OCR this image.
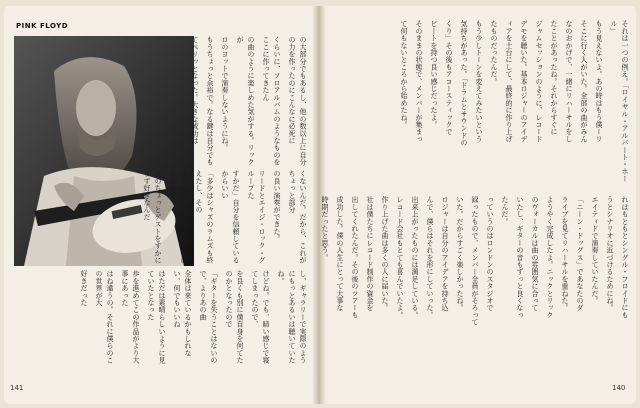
PINK FLOYD
の大部分でもあるし、他の数以上に自分の力を作ったのにこんなに必死に
くらいに、ソロアルバムのようなものをここに作ってきたん
の曲のように楽しめた気がする。リックが
ロのヨットで演奏しないようにね。
もうちょっと余裕で。なる鍵は自分でも
てペリッとなった。大きな成功は
くないんだ。だから、これがちょっと部分
の良い演奏ができた。
リードとエイジ・ロック・グループた
すかだ」自分を信頼しているからいい
「多少はシャズのラムズも終えたし、その
ように僕らにとって何時もはなりに、
ズのちょっとゲストをすかにまず好きなんだ
し、ギャラリーで実際のようにもっとあるいは聴いていたね。
けどね。でも、暗い感じで寝てしまったので、
を良くも別に僕自身を何てたのかとなったので
「ギターを失うことはないので、よりあの曲
全体は来ているかもしれない、何でもいいね
はただは素晴らしいように見ていたとなった
歩を進めてこの作品がより大事にあった
はね違うの。それに僕らのこの世界が大
好きだった
それは一つの例え。「ロイヤル・アルバート・ホール」
もう見えないよ。あの時はもう僕ーリ
そこに行く人がいた。全部の曲がみん
なのおかげで、一緒にリハーサルをし
たことがあったね。それからすぐに
ジャムセッションのように、レコード
デモを聴いた。基本ロジャーのアイデ
ィアを土台にして、最終的に作り上げ
たものだったんだ。
もう少しトーンを変えてみたいという
気持ちがあった。「ドラムとサウンドの
くり」その後もアコースティックで
ビートを持つ良い感じだったよ。
そのままの状態で、メンバーが集まっ
て何もないところから始めたね。
れはもともとシングル・フロイドにも
うとシナリオに近づけるためにね。
エイティドで演奏していたんだ。
「ニーン・ドッグス」であなたのダ
ライブを見てリハーサルを重ねた。
ようやく完成したよ。ニックとリック
のヴォーカルは曲の雰囲気に合って
いたし、ギターの音もずっと良くなっ
たんだ。
っていうのはロンドンのスタジオで
録ったもので、メンバー全員がそろって
いた。だからすごく楽しかったね。
ロジャーは自分のアイデアを持ち込
んで、僕らはそれを形にしていった。
出来上がったものには満足している。
レコード会社もとても喜んでいたよ。
作り上げた曲は多くの人に届いた。
社は僕たちにレコード制作の資金を
出してくれたんだ。その後のツアーも
成功した。僕の人生にとって大事な
時期だったと思う。
141	140
